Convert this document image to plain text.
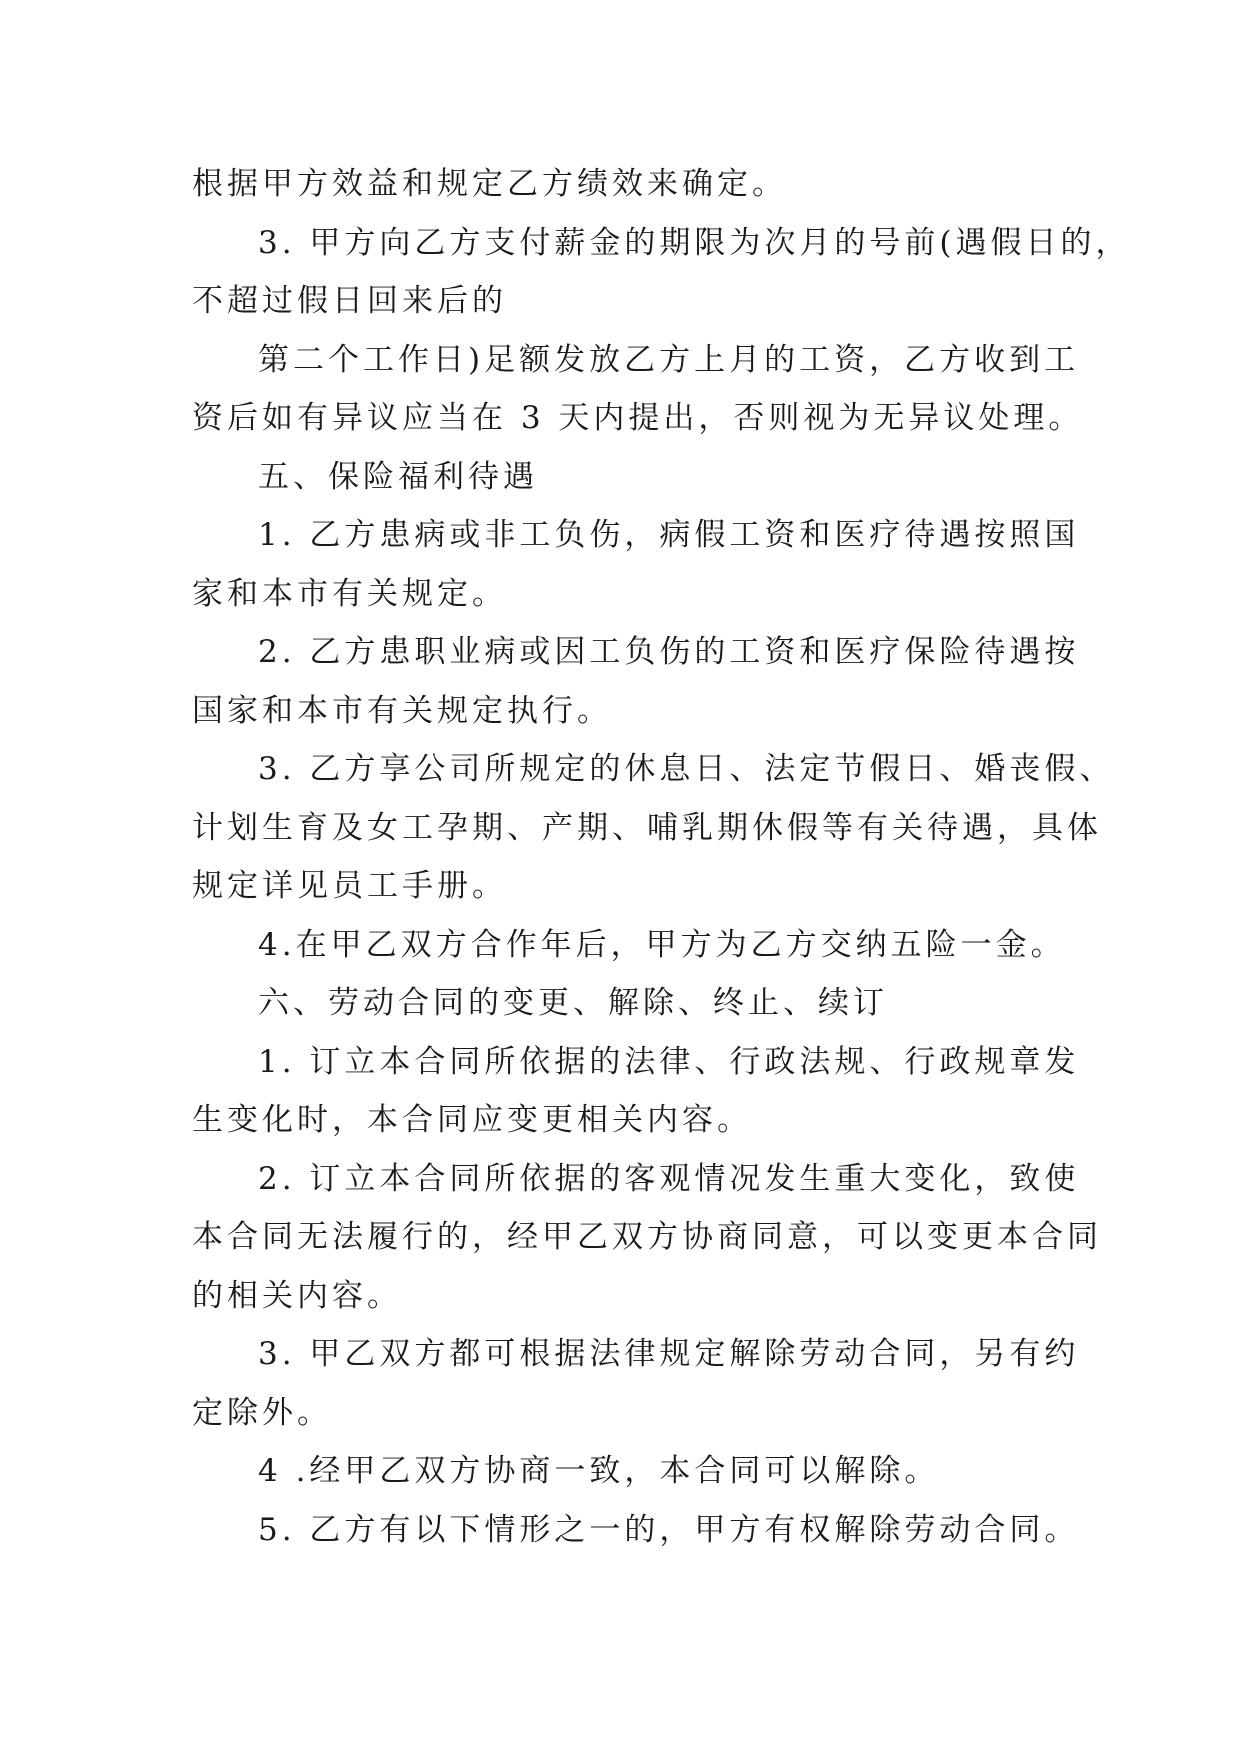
根据甲方效益和规定乙方绩效来确定。
3. 甲方向乙方支付薪金的期限为次月的号前(遇假日的，
不超过假日回来后的
第二个工作日)足额发放乙方上月的工资，乙方收到工
资后如有异议应当在 3 天内提出，否则视为无异议处理。
五、保险福利待遇
1. 乙方患病或非工负伤，病假工资和医疗待遇按照国
家和本市有关规定。
2. 乙方患职业病或因工负伤的工资和医疗保险待遇按
国家和本市有关规定执行。
3. 乙方享公司所规定的休息日、法定节假日、婚丧假、
计划生育及女工孕期、产期、哺乳期休假等有关待遇，具体
规定详见员工手册。
4.在甲乙双方合作年后，甲方为乙方交纳五险一金。
六、劳动合同的变更、解除、终止、续订
1. 订立本合同所依据的法律、行政法规、行政规章发
生变化时，本合同应变更相关内容。
2. 订立本合同所依据的客观情况发生重大变化，致使
本合同无法履行的，经甲乙双方协商同意，可以变更本合同
的相关内容。
3. 甲乙双方都可根据法律规定解除劳动合同，另有约
定除外。
4 .经甲乙双方协商一致，本合同可以解除。
5. 乙方有以下情形之一的，甲方有权解除劳动合同。
